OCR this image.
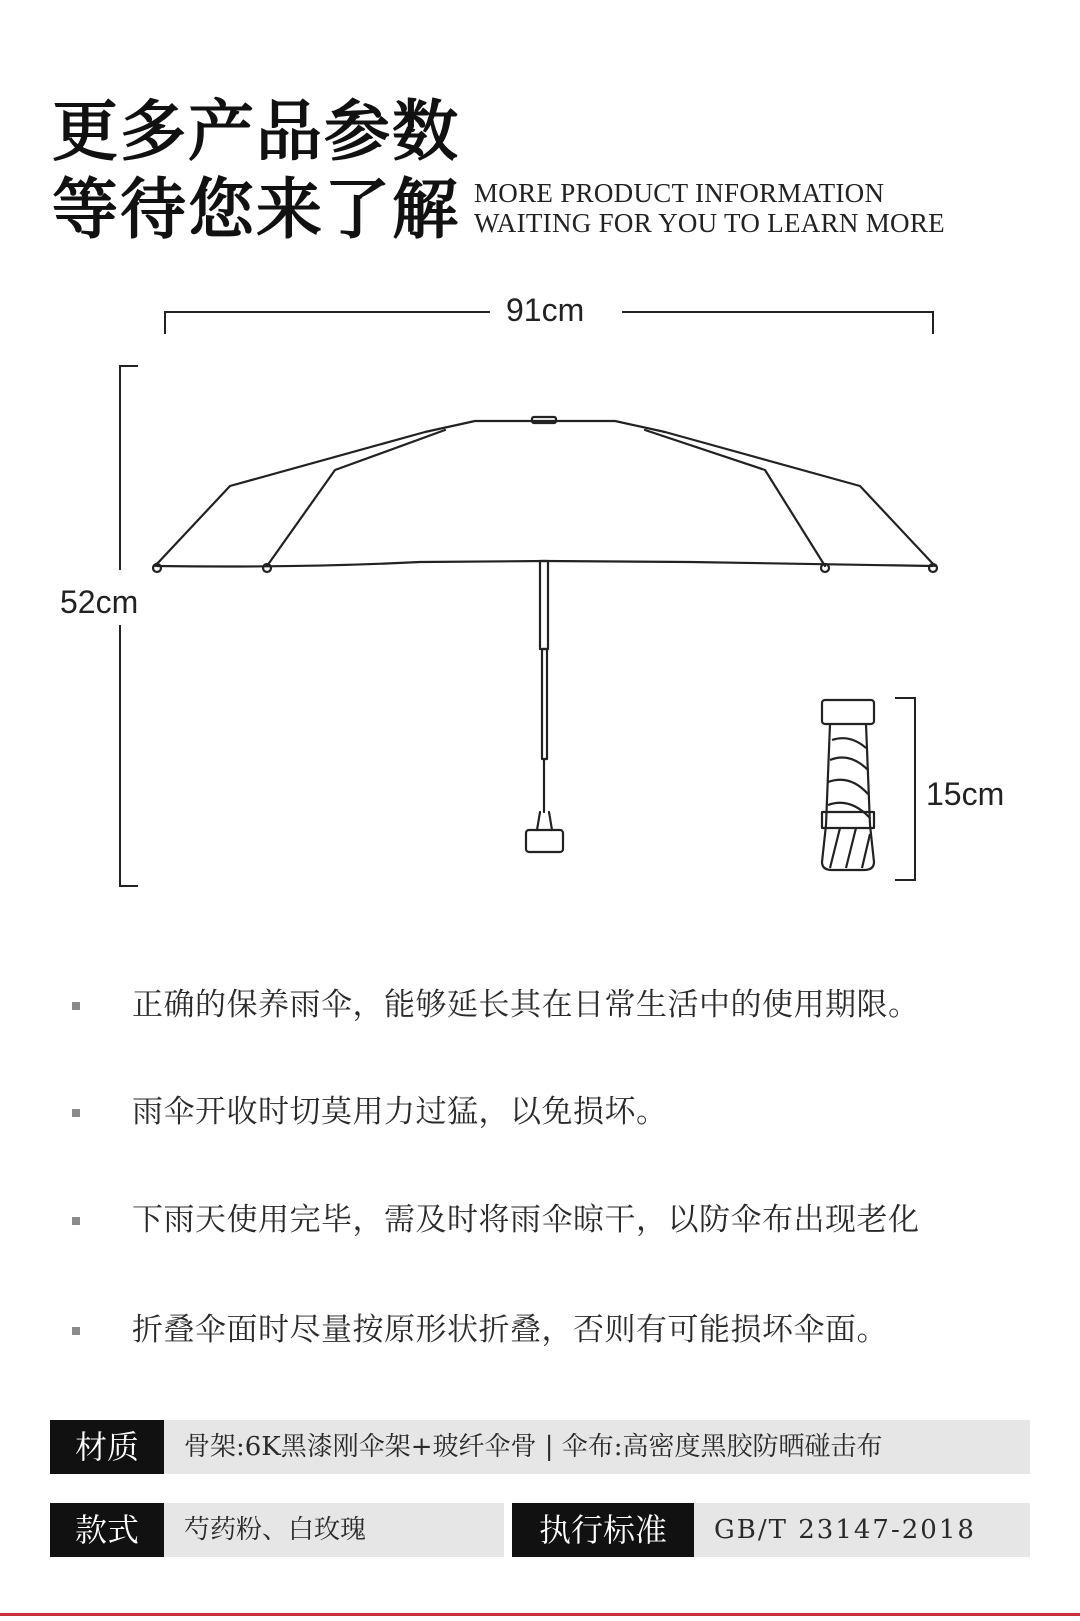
更多产品参数
等待您来了解 MORE PRODUCT INFORMATION
WAITING FOR YOU TO LEARN MORE
91cm
52cm
15cm
正确的保养雨伞，能够延长其在日常生活中的使用期限。
雨伞开收时切莫用力过猛，以免损坏。
下雨天使用完毕，需及时将雨伞晾干，以防伞布出现老化
折叠伞面时尽量按原形状折叠，否则有可能损坏伞面。
材质	骨架:6K黑漆刚伞架+玻纤伞骨 | 伞布:高密度黑胶防晒碰击布
款式	芍药粉、白玫瑰	执行标准	GB/T 23147-2018
